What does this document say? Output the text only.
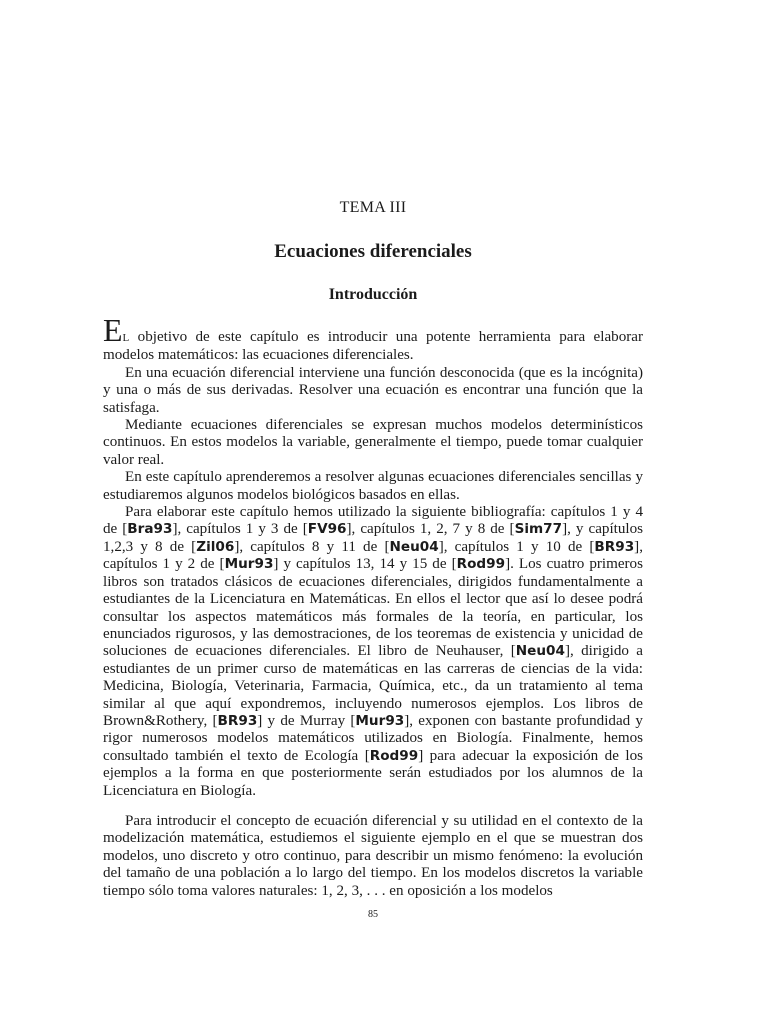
TEMA III
Ecuaciones diferenciales
Introducción

EL objetivo de este capítulo es introducir una potente herramienta para elaborar modelos matemáticos: las ecuaciones diferenciales.

En una ecuación diferencial interviene una función desconocida (que es la incógnita) y una o más de sus derivadas. Resolver una ecuación es encontrar una función que la satisfaga.

Mediante ecuaciones diferenciales se expresan muchos modelos determinísticos continuos. En estos modelos la variable, generalmente el tiempo, puede tomar cualquier valor real.

En este capítulo aprenderemos a resolver algunas ecuaciones diferenciales sencillas y estudiaremos algunos modelos biológicos basados en ellas.

Para elaborar este capítulo hemos utilizado la siguiente bibliografía: capítulos 1 y 4 de [Bra93], capítulos 1 y 3 de [FV96], capítulos 1, 2, 7 y 8 de [Sim77], y capítulos 1,2,3 y 8 de [Zil06], capítulos 8 y 11 de [Neu04], capítulos 1 y 10 de [BR93], capítulos 1 y 2 de [Mur93] y capítulos 13, 14 y 15 de [Rod99]. Los cuatro primeros libros son tratados clásicos de ecuaciones diferenciales, dirigidos fundamentalmente a estudiantes de la Licenciatura en Matemáticas. En ellos el lector que así lo desee podrá consultar los aspectos matemáticos más formales de la teoría, en particular, los enunciados rigurosos, y las demostraciones, de los teoremas de existencia y unicidad de soluciones de ecuaciones diferenciales. El libro de Neuhauser, [Neu04], dirigido a estudiantes de un primer curso de matemáticas en las carreras de ciencias de la vida: Medicina, Biología, Veterinaria, Farmacia, Química, etc., da un tratamiento al tema similar al que aquí expondremos, incluyendo numerosos ejemplos. Los libros de Brown&Rothery, [BR93] y de Murray [Mur93], exponen con bastante profundidad y rigor numerosos modelos matemáticos utilizados en Biología. Finalmente, hemos consultado también el texto de Ecología [Rod99] para adecuar la exposición de los ejemplos a la forma en que posteriormente serán estudiados por los alumnos de la Licenciatura en Biología.

Para introducir el concepto de ecuación diferencial y su utilidad en el contexto de la modelización matemática, estudiemos el siguiente ejemplo en el que se muestran dos modelos, uno discreto y otro continuo, para describir un mismo fenómeno: la evolución del tamaño de una población a lo largo del tiempo. En los modelos discretos la variable tiempo sólo toma valores naturales: 1, 2, 3, . . . en oposición a los modelos

85
